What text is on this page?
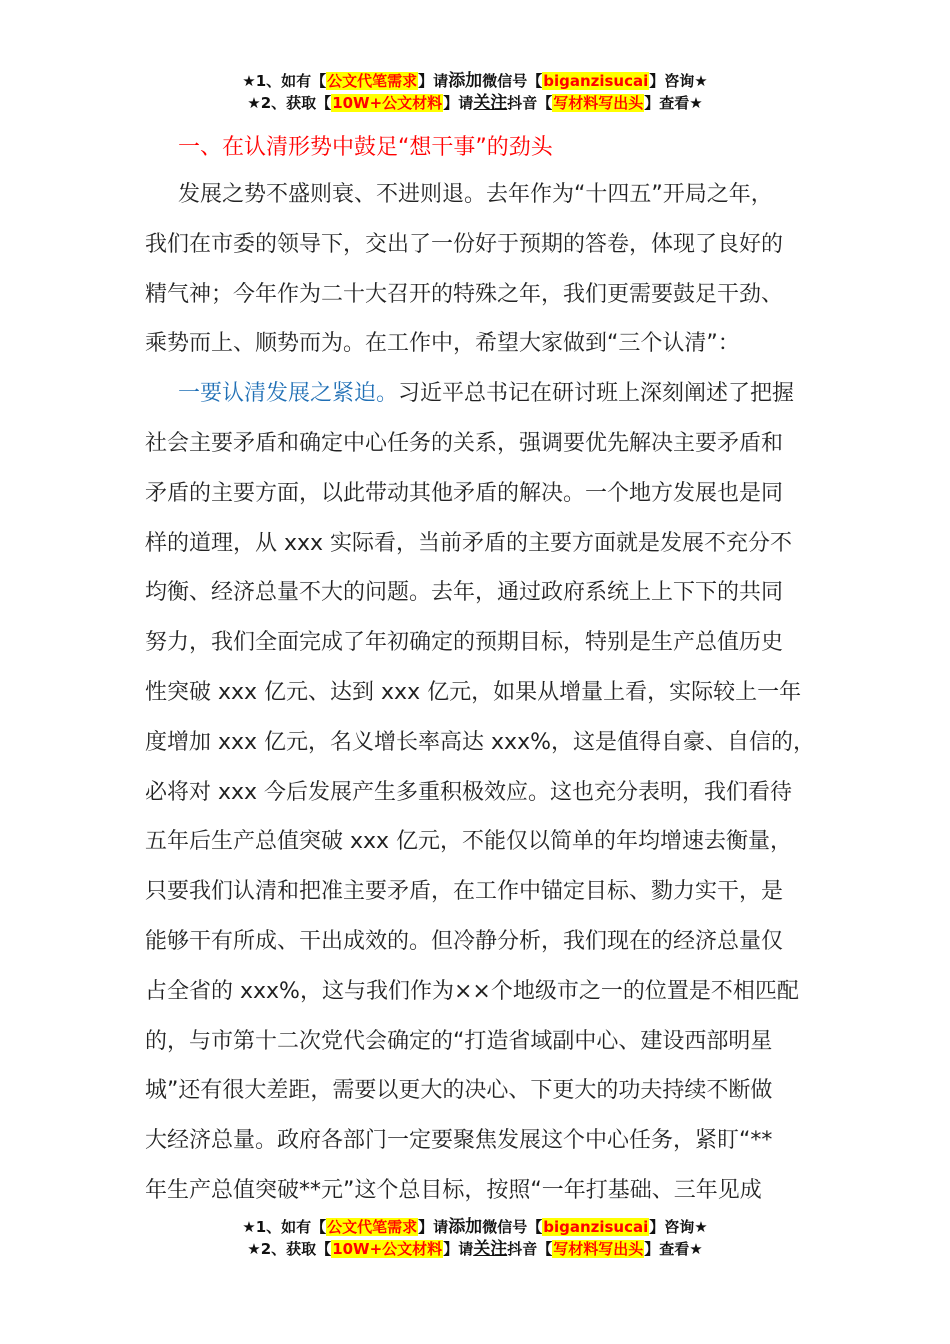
★1、如有【公文代笔需求】请添加微信号【biganzisucai】咨询★
★2、获取【10W+公文材料】请关注抖音【写材料写出头】查看★
一、在认清形势中鼓足“想干事”的劲头
发展之势不盛则衰、不进则退。去年作为“十四五”开局之年，
我们在市委的领导下，交出了一份好于预期的答卷，体现了良好的
精气神；今年作为二十大召开的特殊之年，我们更需要鼓足干劲、
乘势而上、顺势而为。在工作中，希望大家做到“三个认清”：
一要认清发展之紧迫。习近平总书记在研讨班上深刻阐述了把握
社会主要矛盾和确定中心任务的关系，强调要优先解决主要矛盾和
矛盾的主要方面，以此带动其他矛盾的解决。一个地方发展也是同
样的道理，从 xxx 实际看，当前矛盾的主要方面就是发展不充分不
均衡、经济总量不大的问题。去年，通过政府系统上上下下的共同
努力，我们全面完成了年初确定的预期目标，特别是生产总值历史
性突破 xxx 亿元、达到 xxx 亿元，如果从增量上看，实际较上一年
度增加 xxx 亿元，名义增长率高达 xxx%，这是值得自豪、自信的，
必将对 xxx 今后发展产生多重积极效应。这也充分表明，我们看待
五年后生产总值突破 xxx 亿元，不能仅以简单的年均增速去衡量，
只要我们认清和把准主要矛盾，在工作中锚定目标、勠力实干，是
能够干有所成、干出成效的。但冷静分析，我们现在的经济总量仅
占全省的 xxx%，这与我们作为××个地级市之一的位置是不相匹配
的，与市第十二次党代会确定的“打造省域副中心、建设西部明星
城”还有很大差距，需要以更大的决心、下更大的功夫持续不断做
大经济总量。政府各部门一定要聚焦发展这个中心任务，紧盯“**
年生产总值突破**元”这个总目标，按照“一年打基础、三年见成
★1、如有【公文代笔需求】请添加微信号【biganzisucai】咨询★
★2、获取【10W+公文材料】请关注抖音【写材料写出头】查看★
